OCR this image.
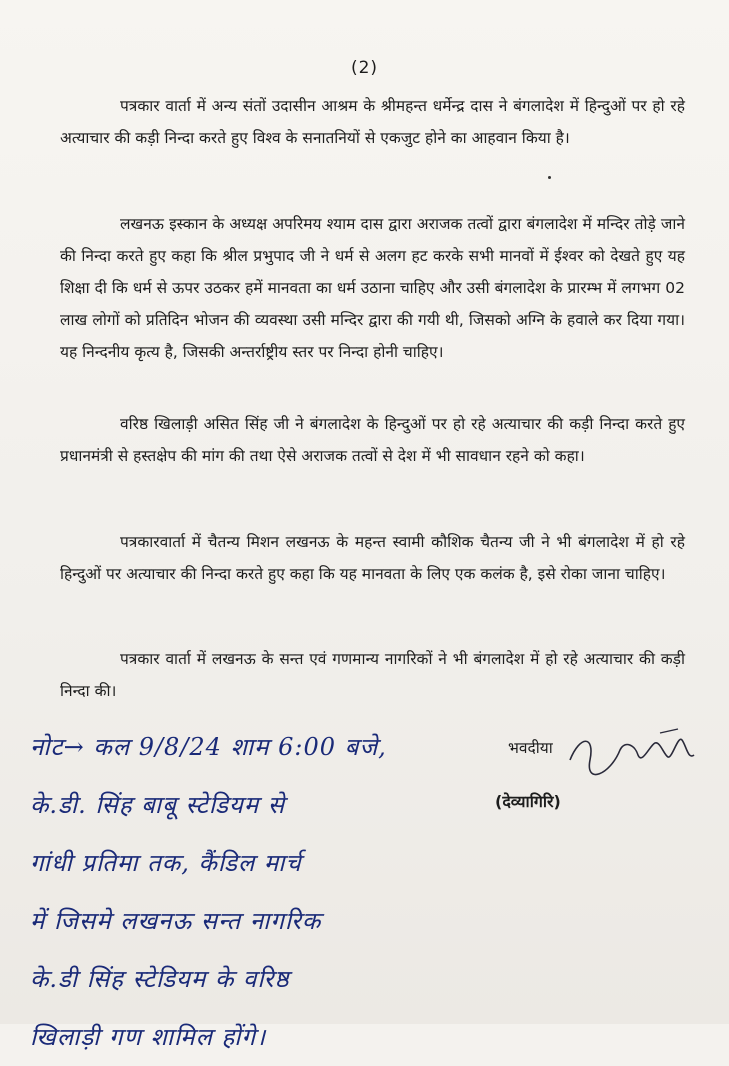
(2)

पत्रकार वार्ता में अन्य संतों उदासीन आश्रम के श्रीमहन्त धर्मेन्द्र दास ने बंगलादेश में हिन्दुओं पर हो रहे अत्याचार की कड़ी निन्दा करते हुए विश्व के सनातनियों से एकजुट होने का आहवान किया है।

लखनऊ इस्कान के अध्यक्ष अपरिमय श्याम दास द्वारा अराजक तत्वों द्वारा बंगलादेश में मन्दिर तोड़े जाने की निन्दा करते हुए कहा कि श्रील प्रभुपाद जी ने धर्म से अलग हट करके सभी मानवों में ईश्वर को देखते हुए यह शिक्षा दी कि धर्म से ऊपर उठकर हमें मानवता का धर्म उठाना चाहिए और उसी बंगलादेश के प्रारम्भ में लगभग 02 लाख लोगों को प्रतिदिन भोजन की व्यवस्था उसी मन्दिर द्वारा की गयी थी, जिसको अग्नि के हवाले कर दिया गया। यह निन्दनीय कृत्य है, जिसकी अन्तर्राष्ट्रीय स्तर पर निन्दा होनी चाहिए।

वरिष्ठ खिलाड़ी असित सिंह जी ने बंगलादेश के हिन्दुओं पर हो रहे अत्याचार की कड़ी निन्दा करते हुए प्रधानमंत्री से हस्तक्षेप की मांग की तथा ऐसे अराजक तत्वों से देश में भी सावधान रहने को कहा।

पत्रकारवार्ता में चैतन्य मिशन लखनऊ के महन्त स्वामी कौशिक चैतन्य जी ने भी बंगलादेश में हो रहे हिन्दुओं पर अत्याचार की निन्दा करते हुए कहा कि यह मानवता के लिए एक कलंक है, इसे रोका जाना चाहिए।

पत्रकार वार्ता में लखनऊ के सन्त एवं गणमान्य नागरिकों ने भी बंगलादेश में हो रहे अत्याचार की कड़ी निन्दा की।

भवदीया
(देव्यागिरि)
नोट→ कल 9/8/24 शाम 6:00 बजे,
के.डी. सिंह बाबू स्टेडियम से
गांधी प्रतिमा तक, कैंडिल मार्च
में जिसमे लखनऊ सन्त नागरिक
के.डी सिंह स्टेडियम के वरिष्ठ
खिलाड़ी गण शामिल होंगे।
